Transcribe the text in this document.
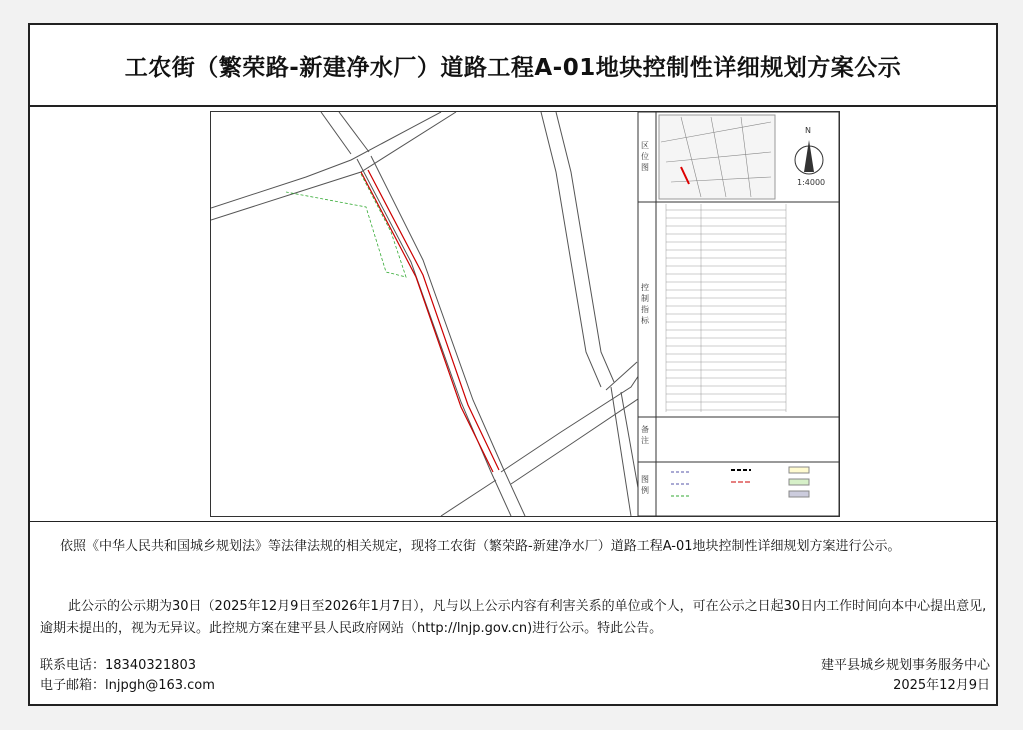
工农街（繁荣路-新建净水厂）道路工程A-01地块控制性详细规划方案公示
区 位 图
控 制 指 标
备 注
图 例
N
1:4000
依照《中华人民共和国城乡规划法》等法律法规的相关规定，现将工农街（繁荣路-新建净水厂）道路工程A-01地块控制性详细规划方案进行公示。
此公示的公示期为30日（2025年12月9日至2026年1月7日），凡与以上公示内容有利害关系的单位或个人，可在公示之日起30日内工作时间向本中心提出意见,逾期未提出的，视为无异议。此控规方案在建平县人民政府网站（http://lnjp.gov.cn)进行公示。特此公告。
联系电话：18340321803
电子邮箱：lnjpgh@163.com
建平县城乡规划事务服务中心
2025年12月9日
